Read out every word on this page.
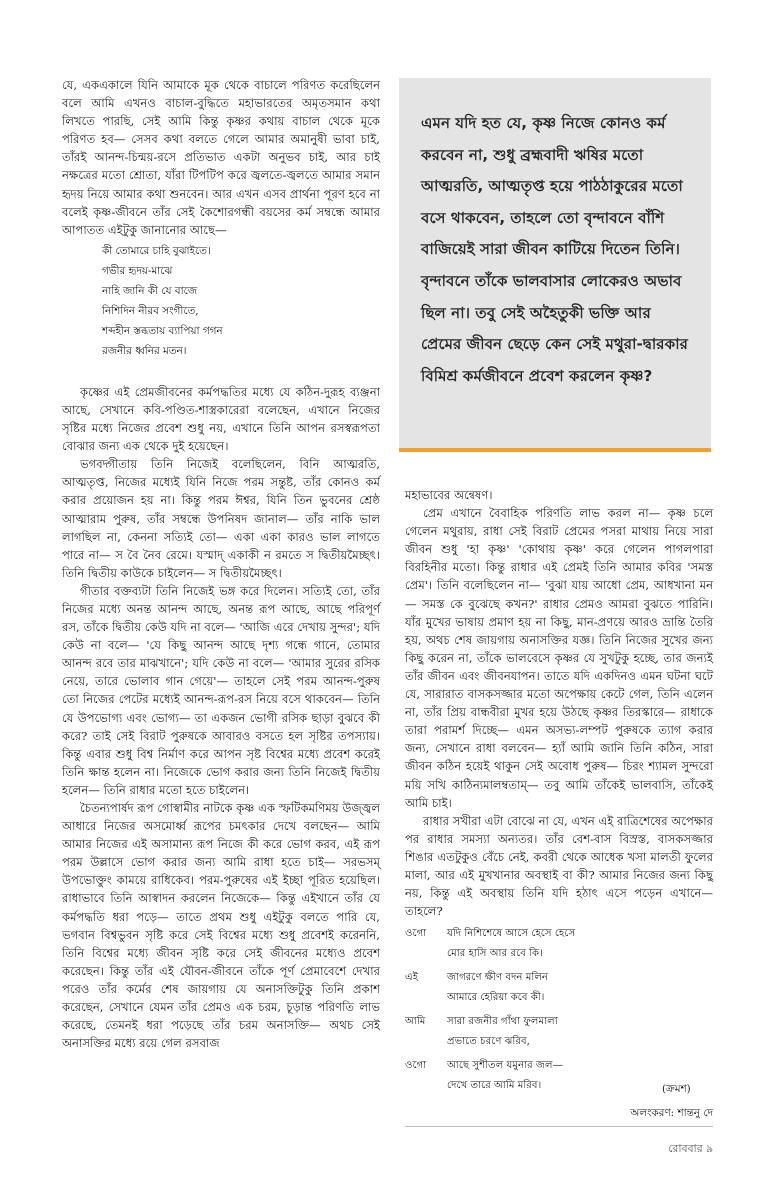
যে, একএকালে যিনি আমাকে মূক থেকে বাচালে পরিণত করেছিলেন বলে আমি এখনও বাচাল-বুদ্ধিতে মহাভারতের অমৃতসমান কথা লিখতে পারছি, সেই আমি কিন্তু কৃষ্ণর কথায় বাচাল থেকে মূকে পরিণত হব— সেসব কথা বলতে গেলে আমার অমানুষী ভাবা চাই, তাঁরই আনন্দ-চিন্ময়-রসে প্রতিভাত একটা অনুভব চাই, আর চাই নক্ষত্রের মতো শ্রোতা, যাঁরা টিপটিপ করে জ্বলতে-জ্বলতে আমার সমান হৃদয় নিয়ে আমার কথা শুনবেন। আর এখন এসব প্রার্থনা পূরণ হবে না বলেই কৃষ্ণ-জীবনে তাঁর সেই কৈশোরগন্ধী বয়সের কর্ম সম্বন্ধে আমার আপাতত এইটুকু জানানোর আছে—

কী তোমারে চাহি বুঝাইতে।
গভীর হৃদয়-মাঝে
নাহি জানি কী যে বাজে
নিশিদিন নীরব সংগীতে,
শব্দহীন স্তব্ধতায় ব্যাপিয়া গগন
রজনীর ধ্বনির মতন।

কৃষ্ণের এই প্রেমজীবনের কর্মপদ্ধতির মধ্যে যে কঠিন-দুরূহ ব্যঞ্জনা আছে, সেখানে কবি-পণ্ডিত-শাস্ত্রকারেরা বলেছেন, এখানে নিজের সৃষ্টির মধ্যে নিজের প্রবেশ শুধু নয়, এখানে তিনি আপন রসস্বরূপতা বোঝার জন্য এক থেকে দুই হয়েছেন।

ভগবদ্গীতায় তিনি নিজেই বলেছিলেন, বিনি আত্মরতি, আত্মতৃপ্ত, নিজের মধ্যেই যিনি নিজে পরম সন্তুষ্ট, তাঁর কোনও কর্ম করার প্রয়োজন হয় না। কিন্তু পরম ঈশ্বর, যিনি তিন ভুবনের শ্রেষ্ঠ আত্মারাম পুরুষ, তাঁর সম্বন্ধে উপনিষদ জানাল— তাঁর নাকি ভাল লাগছিল না, কেননা সত্যিই তো— একা একা কারও ভাল লাগতে পারে না— স বৈ নৈব রেমে। যস্মাদ্ একাকী ন রমতে স দ্বিতীয়মৈচ্ছৎ। তিনি দ্বিতীয় কাউকে চাইলেন— স দ্বিতীয়মৈচ্ছৎ।

গীতার বক্তব্যটা তিনি নিজেই ভঙ্গ করে দিলেন। সত্যিই তো, তাঁর নিজের মধ্যে অনন্ত আনন্দ আছে, অনন্ত রূপ আছে, আছে পরিপূর্ণ রস, তাঁকে দ্বিতীয় কেউ যদি না বলে— 'আজি এরে দেখায় সুন্দর'; যদি কেউ না বলে— 'যে কিছু আনন্দ আছে দৃশ্য গন্ধে গানে, তোমার আনন্দ রবে তার মাঝখানে'; যদি কেউ না বলে— 'আমার সুরের রসিক নেয়ে, তারে ভোলাব গান গেয়ে'— তাহলে সেই পরম আনন্দ-পুরুষ তো নিজের পেটের মধ্যেই আনন্দ-রূপ-রস নিয়ে বসে থাকবেন— তিনি যে উপভোগ্য এবং ভোগ্য— তা একজন ভোগী রসিক ছাড়া বুঝবে কী করে? তাই সেই বিরাট পুরুষকে আবারও বসতে হল সৃষ্টির তপস্যায়। কিন্তু এবার শুধু বিশ্ব নির্মাণ করে আপন সৃষ্ট বিশ্বের মধ্যে প্রবেশ করেই তিনি ক্ষান্ত হলেন না। নিজেকে ভোগ করার জন্য তিনি নিজেই দ্বিতীয় হলেন— তিনি রাধার মতো হতে চাইলেন।

চৈতন্যপার্ষদ রূপ গোস্বামীর নাটকে কৃষ্ণ এক স্ফটিকমণিময় উজ্জ্বল আধারে নিজের অসমোর্ধ্ব রূপের চমৎকার দেখে বলছেন— আমি আমার নিজের এই অসামান্য রূপ নিজে কী করে ভোগ করব, এই রূপ পরম উল্লাসে ভোগ করার জন্য আমি রাধা হতে চাই— সরভসম্ উপভোক্তুং কাময়ে রাধিকেব। পরম-পুরুষের এই ইচ্ছা পূরিত হয়েছিল। রাধাভাবে তিনি আস্বাদন করলেন নিজেকে— কিন্তু এইখানে তাঁর যে কর্মপদ্ধতি ধরা পড়ে— তাতে প্রথম শুধু এইটুকু বলতে পারি যে, ভগবান বিশ্বভুবন সৃষ্টি করে সেই বিশ্বের মধ্যে শুধু প্রবেশই করেননি, তিনি বিশ্বের মধ্যে জীবন সৃষ্টি করে সেই জীবনের মধ্যেও প্রবেশ করেছেন। কিন্তু তাঁর এই যৌবন-জীবনে তাঁকে পূর্ণ প্রেমাবেশে দেখার পরেও তাঁর কর্মের শেষ জায়গায় যে অনাসক্তিটুকু তিনি প্রকাশ করেছেন, সেখানে যেমন তাঁর প্রেমও এক চরম, চূড়ান্ত পরিণতি লাভ করেছে, তেমনই ধরা পড়েছে তাঁর চরম অনাসক্তি— অথচ সেই অনাসক্তির মধ্যে রয়ে গেল রসবাজ

এমন যদি হত যে, কৃষ্ণ নিজে কোনও কর্ম করবেন না, শুধু ব্রহ্মবাদী ঋষির মতো আত্মরতি, আত্মতৃপ্ত হয়ে পাঠঠাকুরের মতো বসে থাকবেন, তাহলে তো বৃন্দাবনে বাঁশি বাজিয়েই সারা জীবন কাটিয়ে দিতেন তিনি। বৃন্দাবনে তাঁকে ভালবাসার লোকেরও অভাব ছিল না। তবু সেই অহৈতুকী ভক্তি আর প্রেমের জীবন ছেড়ে কেন সেই মথুরা-দ্বারকার বিমিশ্র কর্মজীবনে প্রবেশ করলেন কৃষ্ণ?

মহাভাবের অন্বেষণ।

প্রেম এখানে বৈবাহিক পরিণতি লাভ করল না— কৃষ্ণ চলে গেলেন মথুরায়, রাধা সেই বিরাট প্রেমের পসরা মাথায় নিয়ে সারা জীবন শুধু 'হা কৃষ্ণ' 'কোথায় কৃষ্ণ' করে গেলেন পাগলপারা বিরহিনীর মতো। কিন্তু রাধার এই প্রেমই তিনি আমার কবির 'সমস্ত প্রেম'। তিনি বলেছিলেন না— 'বুঝা যায় আধো প্রেম, আধখানা মন— সমস্ত কে বুঝেছে কখন?' রাধার প্রেমও আমরা বুঝতে পারিনি। যাঁর মুখের ভাষায় প্রমাণ হয় না কিছু, মান-প্রণয়ে আরও ভ্রান্তি তৈরি হয়, অথচ শেষ জায়গায় অনাসক্তির যজ্ঞ। তিনি নিজের সুখের জন্য কিছু করেন না, তাঁকে ভালবেসে কৃষ্ণর যে সুখটুকু হচ্ছে, তার জন্যই তাঁর জীবন এবং জীবনযাপন। তাতে যদি একদিনও এমন ঘটনা ঘটে যে, সারারাত বাসকসজ্জার মতো অপেক্ষায় কেটে গেল, তিনি এলেন না, তাঁর প্রিয় বান্ধবীরা মুখর হয়ে উঠছে কৃষ্ণর তিরস্কারে— রাধাকে তারা পরামর্শ দিচ্ছে— এমন অসভ্য-লম্পট পুরুষকে ত্যাগ করার জন্য, সেখানে রাধা বলবেন— হ্যাঁ আমি জানি তিনি কঠিন, সারা জীবন কঠিন হয়েই থাকুন সেই অবোধ পুরুষ— চিরং শ্যামল সুন্দরো ময়ি সখি কাঠিন্যমালম্বতাম্— তবু আমি তাঁকেই ভালবাসি, তাঁকেই আমি চাই।

রাধার সখীরা এটা বোঝে না যে, এখন এই রাত্রিশেষের অপেক্ষার পর রাধার সমস্যা অন্যতর। তাঁর বেশ-বাস বিস্রস্ত, বাসকসজ্জার শিঙার এতটুকুও বেঁচে নেই, কবরী থেকে আধেক খসা মালতী ফুলের মালা, আর এই মুখখানার অবস্থাই বা কী? আমার নিজের জন্য কিছু নয়, কিন্তু এই অবস্থায় তিনি যদি হঠাৎ এসে পড়েন এখানে— তাহলে?

ওগো	যদি নিশিশেষে আসে হেসে হেসে
মোর হাসি আর রবে কি।
এই	জাগরণে ক্ষীণ বদন মলিন
আমারে হেরিয়া কবে কী।
আমি	সারা রজনীর গাঁথা ফুলমালা
প্রভাতে চরণে ঝরিব,
ওগো	আছে সুশীতল যমুনার জল—
দেখে তারে আমি মরিব।	(ক্রমশ)
অলংকরণ: শান্তনু দে
রোববার ৯
